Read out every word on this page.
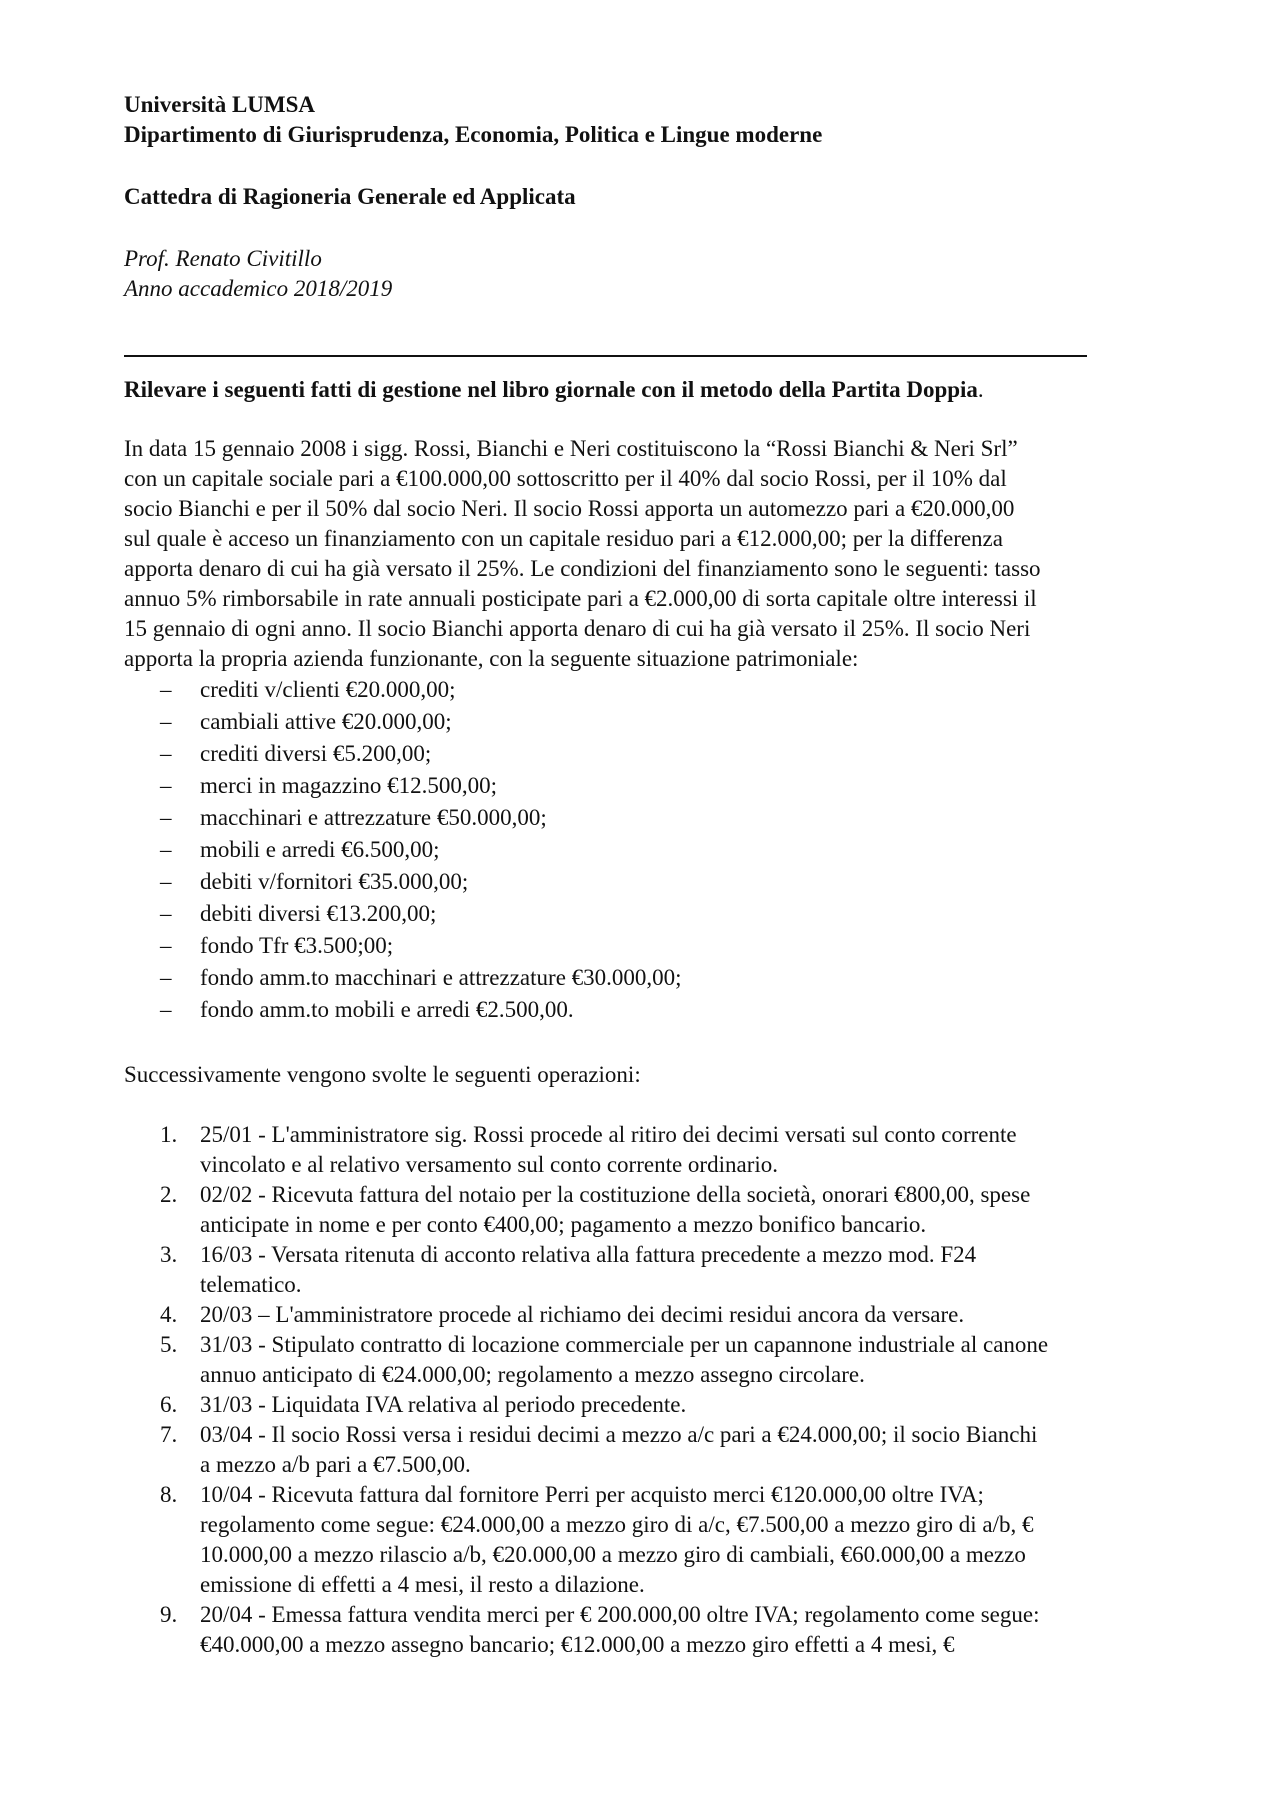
Università LUMSA
Dipartimento di Giurisprudenza, Economia, Politica e Lingue moderne
Cattedra di Ragioneria Generale ed Applicata
Prof. Renato Civitillo
Anno accademico 2018/2019
Rilevare i seguenti fatti di gestione nel libro giornale con il metodo della Partita Doppia.
In data 15 gennaio 2008 i sigg. Rossi, Bianchi e Neri costituiscono la “Rossi Bianchi & Neri Srl”
con un capitale sociale pari a €100.000,00 sottoscritto per il 40% dal socio Rossi, per il 10% dal
socio Bianchi e per il 50% dal socio Neri. Il socio Rossi apporta un automezzo pari a €20.000,00
sul quale è acceso un finanziamento con un capitale residuo pari a €12.000,00; per la differenza
apporta denaro di cui ha già versato il 25%. Le condizioni del finanziamento sono le seguenti: tasso
annuo 5% rimborsabile in rate annuali posticipate pari a €2.000,00 di sorta capitale oltre interessi il
15 gennaio di ogni anno. Il socio Bianchi apporta denaro di cui ha già versato il 25%. Il socio Neri
apporta la propria azienda funzionante, con la seguente situazione patrimoniale:
– crediti v/clienti €20.000,00;
– cambiali attive €20.000,00;
– crediti diversi €5.200,00;
– merci in magazzino €12.500,00;
– macchinari e attrezzature €50.000,00;
– mobili e arredi €6.500,00;
– debiti v/fornitori €35.000,00;
– debiti diversi €13.200,00;
– fondo Tfr €3.500;00;
– fondo amm.to macchinari e attrezzature €30.000,00;
– fondo amm.to mobili e arredi €2.500,00.
Successivamente vengono svolte le seguenti operazioni:
1. 25/01 - L'amministratore sig. Rossi procede al ritiro dei decimi versati sul conto corrente
vincolato e al relativo versamento sul conto corrente ordinario.
2. 02/02 - Ricevuta fattura del notaio per la costituzione della società, onorari €800,00, spese
anticipate in nome e per conto €400,00; pagamento a mezzo bonifico bancario.
3. 16/03 - Versata ritenuta di acconto relativa alla fattura precedente a mezzo mod. F24
telematico.
4. 20/03 – L'amministratore procede al richiamo dei decimi residui ancora da versare.
5. 31/03 - Stipulato contratto di locazione commerciale per un capannone industriale al canone
annuo anticipato di €24.000,00; regolamento a mezzo assegno circolare.
6. 31/03 - Liquidata IVA relativa al periodo precedente.
7. 03/04 - Il socio Rossi versa i residui decimi a mezzo a/c pari a €24.000,00; il socio Bianchi
a mezzo a/b pari a €7.500,00.
8. 10/04 - Ricevuta fattura dal fornitore Perri per acquisto merci €120.000,00 oltre IVA;
regolamento come segue: €24.000,00 a mezzo giro di a/c, €7.500,00 a mezzo giro di a/b, €
10.000,00 a mezzo rilascio a/b, €20.000,00 a mezzo giro di cambiali, €60.000,00 a mezzo
emissione di effetti a 4 mesi, il resto a dilazione.
9. 20/04 - Emessa fattura vendita merci per € 200.000,00 oltre IVA; regolamento come segue:
€40.000,00 a mezzo assegno bancario; €12.000,00 a mezzo giro effetti a 4 mesi, €
